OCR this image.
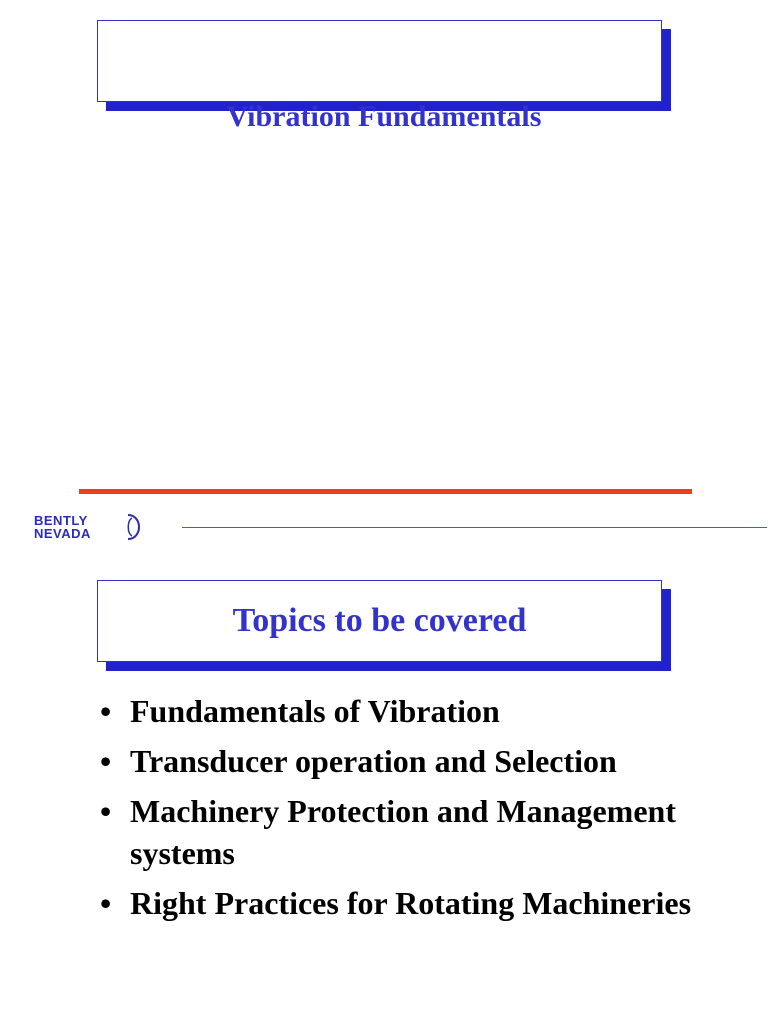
Vibration Fundamentals
BENTLY
NEVADA
Topics to be covered
• Fundamentals of Vibration
• Transducer operation and Selection
• Machinery Protection and Management systems
• Right Practices for Rotating Machineries
